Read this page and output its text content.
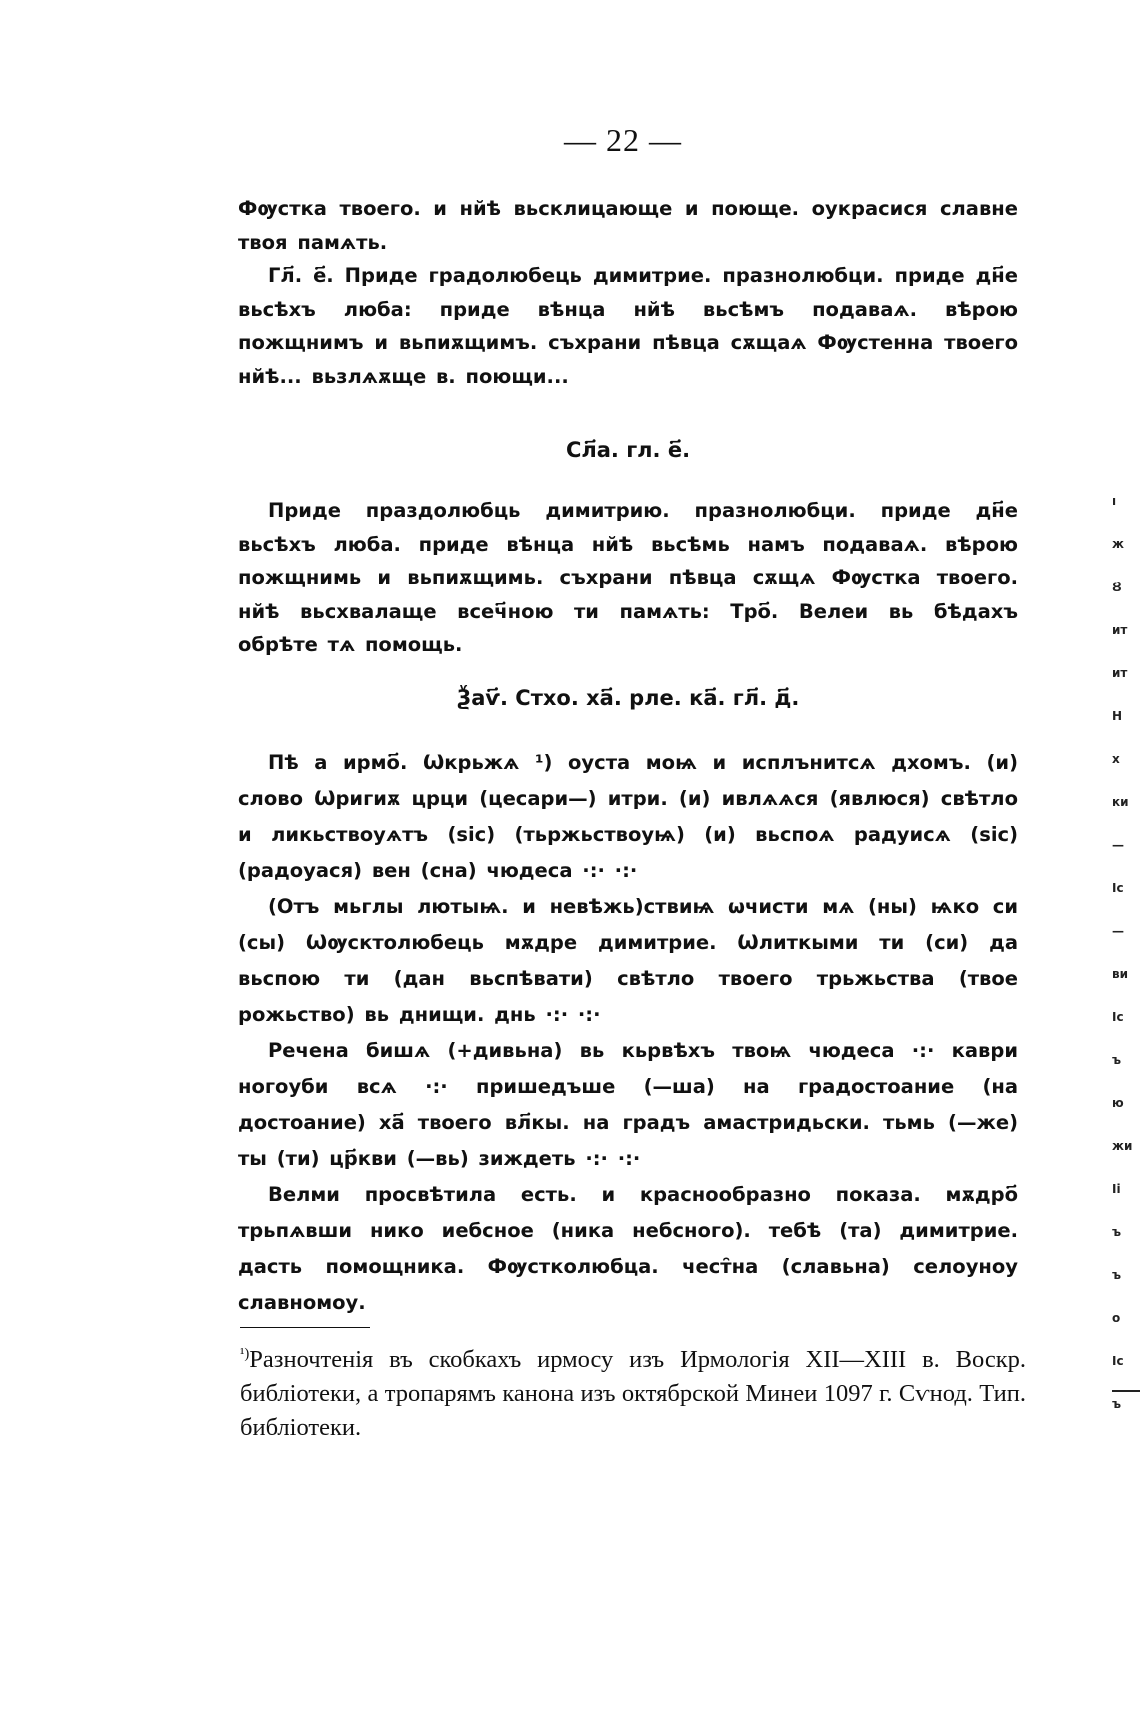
— 22 —

Фѹстка твоего. и нйѣ вьсклицающе и поюще. оукрасися славне твоя памѧть.

Гл҃. е҃. Приде градолюбець димитрие. празнолюбци. приде дн҃е вьсѣхъ люба: приде вѣнца нйѣ вьсѣмъ подаваѧ. вѣрою пожщнимъ и вьпиѫщимъ. съхрани пѣвца сѫщаѧ Фѹстенна твоего нйѣ... вьзлѧѫще в. поющи...

Сл҃а. гл. е҃.

Приде праздолюбць димитрию. празнолюбци. приде дн҃е вьсѣхъ люба. приде вѣнца нйѣ вьсѣмь намъ подаваѧ. вѣрою пожщнимь и вьпиѫщимь. съхрани пѣвца сѫщѧ Фѹстка твоего. нйѣ вьсхвалаще всеч҃ною ти памѧть: Тро҃. Велеи вь бѣдахъ обрѣте тѧ помощь.

Ѯаѵ҃. Стхо. ха҃. рле. ка҃. гл҃. д҃.

Пѣ а ирмо҃. Ѡкрьжѧ ¹) оуста моѩ и исплънитсѧ дхомъ. (и) слово Ѡригиѫ црци (цесари—) итри. (и) ивлѧѧся (явлюся) свѣтло и ликьствоуѧтъ (sic) (тьржьствоуѩ) (и) вьспоѧ радуисѧ (sic) (радоуася) вен (сна) чюдеса ·:· ·:·

(Отъ мьглы лютыѩ. и невѣжь)ствиѩ ѡчисти мѧ (ны) ѩко си (сы) Ѡѹсктолюбець мѫдре димитрие. Ѡлиткыми ти (си) да вьспою ти (дан вьспѣвати) свѣтло твоего трьжьства (твое рожьство) вь днищи. днь ·:· ·:·

Речена бишѧ (+дивьна) вь кьрвѣхъ твоѩ чюдеса ·:· каври ногоуби всѧ ·:· пришедъше (—ша) на градостоание (на достоание) ха҃ твоего вл҃кы. на градъ амастридьски. тьмь (—же) ты (ти) цр҃кви (—вь) зиждеть ·:· ·:·

Велми просвѣтила есть. и краснообразно показа. мѫдро҃ трьпѧвши нико иебсное (ника небсного). тебѣ (та) димитрие. дасть помощника. Фѹстколюбца. чест̑на (славьна) селоуноу славномоу.

$^{^1)}$Разночтенія въ скобкахъ ирмосу изъ Ирмологія XII—XIII в. Воскр. библіотеки, а тропарямъ канона изъ октябрской Минеи 1097 г. Сѵнод. Тип. библіотеки.

ı
ж
Ȣ
ит
ит
Н
х
ки
—
Іс
—
ви
Іс
ъ
ю
жи
Іі
ъ
ъ
о
Іс
ъ
